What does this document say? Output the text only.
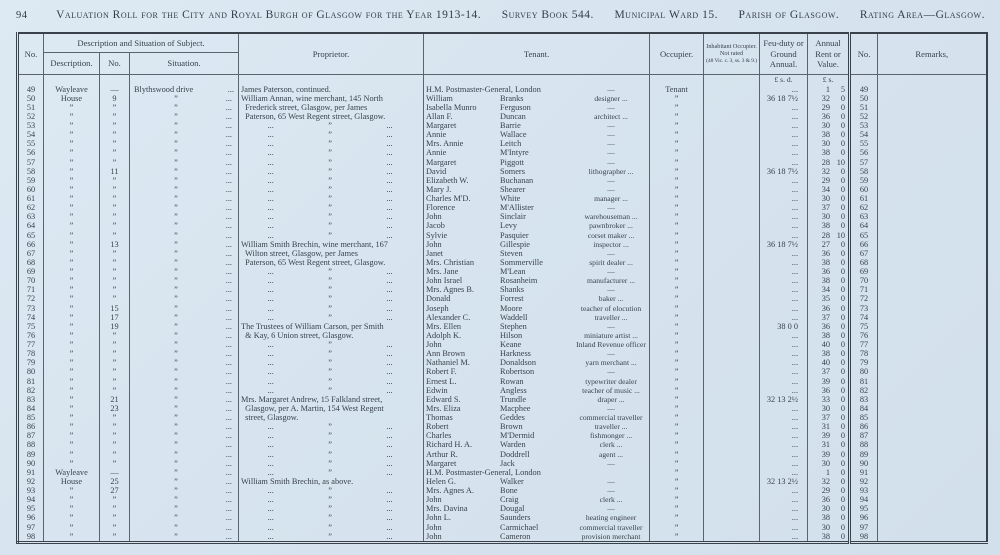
94 Valuation Roll for the City and Royal Burgh of Glasgow for the Year 1913-14. Survey Book 544. Municipal Ward 15. Parish of Glasgow. Rating Area—Glasgow.
No.	Description and Situation of Subject.			Proprietor.	Tenant.	Occupier.	Inhabitant Occupier.
Not rated
(48 Vic. c. 3, ss. 3 & 9.)	Feu-duty or Ground Annual.	Annual Rent or Value.	No.	Remarks,
	Description.	No.	Situation.								
								£ s. d.	£ s.		
49	Wayleave	—	Blythswood drive ...	James Paterson, continued.	H.M. Postmaster-General, London —	Tenant		...	1 5	49	
50	House	9	” ...	William Annan, wine merchant, 145 North	William Branks designer ...	”		36 18 7½	32 0	50	
51	”	”	” ...	Frederick street, Glasgow, per James	Isabella Munro Ferguson —	”		...	29 0	51	
52	”	”	” ...	Paterson, 65 West Regent street, Glasgow.	Allan F. Duncan architect ...	”		...	36 0	52	
53	”	”	” ...	... ” ...	Margaret Barrie —	”		...	30 0	53	
54	”	”	” ...	... ” ...	Annie Wallace —	”		...	38 0	54	
55	”	”	” ...	... ” ...	Mrs. Annie Leitch —	”		...	30 0	55	
56	”	”	” ...	... ” ...	Annie M'Intyre —	”		...	38 0	56	
57	”	”	” ...	... ” ...	Margaret Piggott —	”		...	28 10	57	
58	”	11	” ...	... ” ...	David Somers lithographer ...	”		36 18 7½	32 0	58	
59	”	”	” ...	... ” ...	Elizabeth W. Buchanan —	”		...	29 0	59	
60	”	”	” ...	... ” ...	Mary J. Shearer —	”		...	34 0	60	
61	”	”	” ...	... ” ...	Charles M'D. White manager ...	”		...	30 0	61	
62	”	”	” ...	... ” ...	Florence M'Allister —	”		...	37 0	62	
63	”	”	” ...	... ” ...	John Sinclair warehouseman ...	”		...	30 0	63	
64	”	”	” ...	... ” ...	Jacob Levy pawnbroker ...	”		...	38 0	64	
65	”	”	” ...	... ” ...	Sylvie Pasquier corset maker ...	”		...	28 10	65	
66	”	13	” ...	William Smith Brechin, wine merchant, 167	John Gillespie inspector ...	”		36 18 7½	27 0	66	
67	”	”	” ...	Wilton street, Glasgow, per James	Janet Steven —	”		...	36 0	67	
68	”	”	” ...	Paterson, 65 West Regent street, Glasgow.	Mrs. Christian Sommerville spirit dealer ...	”		...	38 0	68	
69	”	”	” ...	... ” ...	Mrs. Jane M'Lean —	”		...	36 0	69	
70	”	”	” ...	... ” ...	John Israel Rosanheim manufacturer ...	”		...	38 0	70	
71	”	”	” ...	... ” ...	Mrs. Agnes B. Shanks —	”		...	34 0	71	
72	”	”	” ...	... ” ...	Donald Forrest baker ...	”		...	35 0	72	
73	”	15	” ...	... ” ...	Joseph Moore teacher of elocution	”		...	36 0	73	
74	”	17	” ...	... ” ...	Alexander C. Waddell traveller ...	”		...	37 0	74	
75	”	19	” ...	The Trustees of William Carson, per Smith	Mrs. Ellen Stephen —	”		38 0 0	36 0	75	
76	”	”	” ...	& Kay, 6 Union street, Glasgow.	Adolph K. Hilson miniature artist ...	”		...	38 0	76	
77	”	”	” ...	... ” ...	John Keane Inland Revenue officer	”		...	40 0	77	
78	”	”	” ...	... ” ...	Ann Brown Harkness —	”		...	38 0	78	
79	”	”	” ...	... ” ...	Nathaniel M. Donaldson yarn merchant ...	”		...	40 0	79	
80	”	”	” ...	... ” ...	Robert F. Robertson —	”		...	37 0	80	
81	”	”	” ...	... ” ...	Ernest L. Rowan typewriter dealer	”		...	39 0	81	
82	”	”	” ...	... ” ...	Edwin Angless teacher of music ...	”		...	36 0	82	
83	”	21	” ...	Mrs. Margaret Andrew, 15 Falkland street,	Edward S. Trundle draper ...	”		32 13 2½	33 0	83	
84	”	23	” ...	Glasgow, per A. Martin, 154 West Regent	Mrs. Eliza Macphee —	”		...	30 0	84	
85	”	”	” ...	street, Glasgow.	Thomas Geddes commercial traveller	”		...	37 0	85	
86	”	”	” ...	... ” ...	Robert Brown traveller ...	”		...	31 0	86	
87	”	”	” ...	... ” ...	Charles M'Dermid fishmonger ...	”		...	39 0	87	
88	”	”	” ...	... ” ...	Richard H. A. Warden clerk ...	”		...	31 0	88	
89	”	”	” ...	... ” ...	Arthur R. Doddrell agent ...	”		...	39 0	89	
90	”	”	” ...	... ” ...	Margaret Jack —	”		...	30 0	90	
91	Wayleave	—	” ...	... ” ...	H.M. Postmaster-General, London	”		...	1 0	91	
92	House	25	” ...	William Smith Brechin, as above.	Helen G. Walker —	”		32 13 2½	32 0	92	
93	”	27	” ...	... ” ...	Mrs. Agnes A. Bone —	”		...	29 0	93	
94	”	”	” ...	... ” ...	John Craig clerk ...	”		...	36 0	94	
95	”	”	” ...	... ” ...	Mrs. Davina Dougal —	”		...	30 0	95	
96	”	”	” ...	... ” ...	John L. Saunders heating engineer	”		...	38 0	96	
97	”	”	” ...	... ” ...	John Carmichael commercial traveller	”		...	30 0	97	
98	”	”	” ...	... ” ...	John Cameron provision merchant	”		...	38 0	98	
